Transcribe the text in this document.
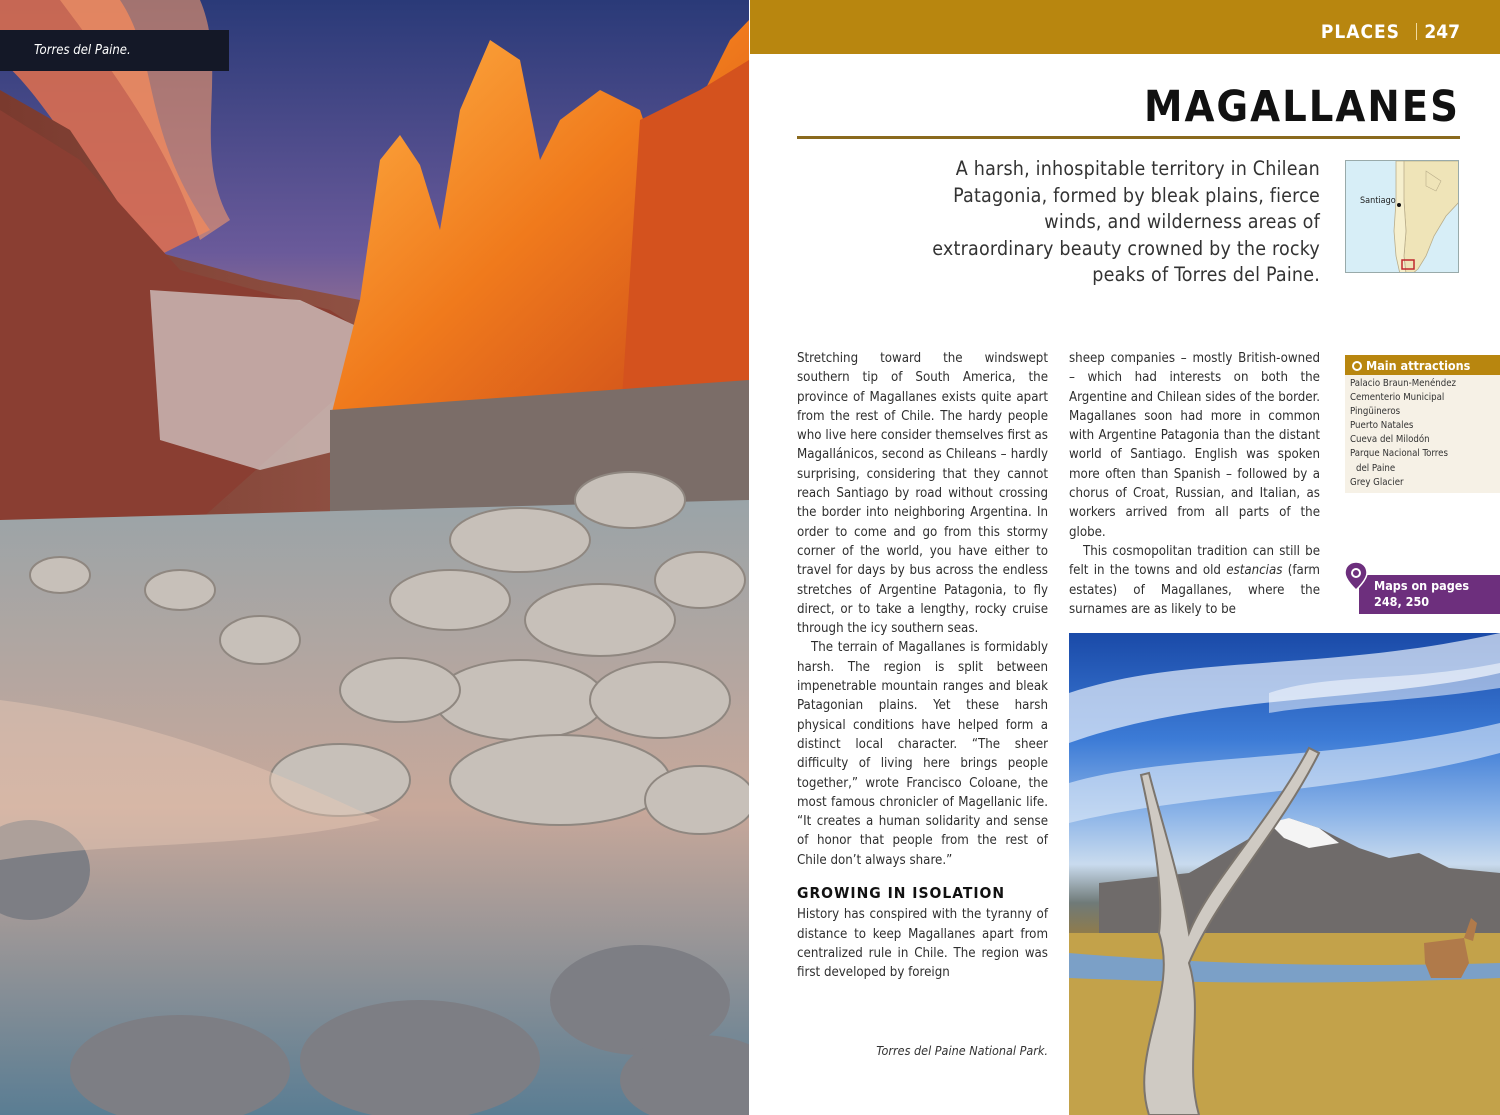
Torres del Paine.
PLACES 247
MAGALLANES
A harsh, inhospitable territory in Chilean Patagonia, formed by bleak plains, fierce winds, and wilderness areas of extraordinary beauty crowned by the rocky peaks of Torres del Paine.
Santiago

Stretching toward the windswept southern tip of South America, the province of Magallanes exists quite apart from the rest of Chile. The hardy people who live here consider themselves first as Magallánicos, second as Chileans – hardly surprising, considering that they cannot reach Santiago by road without crossing the border into neighboring Argentina. In order to come and go from this stormy corner of the world, you have either to travel for days by bus across the endless stretches of Argentine Patagonia, to fly direct, or to take a lengthy, rocky cruise through the icy southern seas.

The terrain of Magallanes is formidably harsh. The region is split between impenetrable mountain ranges and bleak Patagonian plains. Yet these harsh physical conditions have helped form a distinct local character. “The sheer difficulty of living here brings people together,” wrote Francisco Coloane, the most famous chronicler of Magellanic life. “It creates a human solidarity and sense of honor that people from the rest of Chile don’t always share.”

GROWING IN ISOLATION

History has conspired with the tyranny of distance to keep Magallanes apart from centralized rule in Chile. The region was first developed by foreign

sheep companies – mostly British-owned – which had interests on both the Argentine and Chilean sides of the border. Magallanes soon had more in common with Argentine Patagonia than the distant world of Santiago. English was spoken more often than Spanish – followed by a chorus of Croat, Russian, and Italian, as workers arrived from all parts of the globe.

This cosmopolitan tradition can still be felt in the towns and old estancias (farm estates) of Magallanes, where the surnames are as likely to be

Main attractions
Palacio Braun-Menéndez
Cementerio Municipal
Pingüineros
Puerto Natales
Cueva del Milodón
Parque Nacional Torres
del Paine
Grey Glacier
Maps on pages
248, 250
Torres del Paine National Park.
